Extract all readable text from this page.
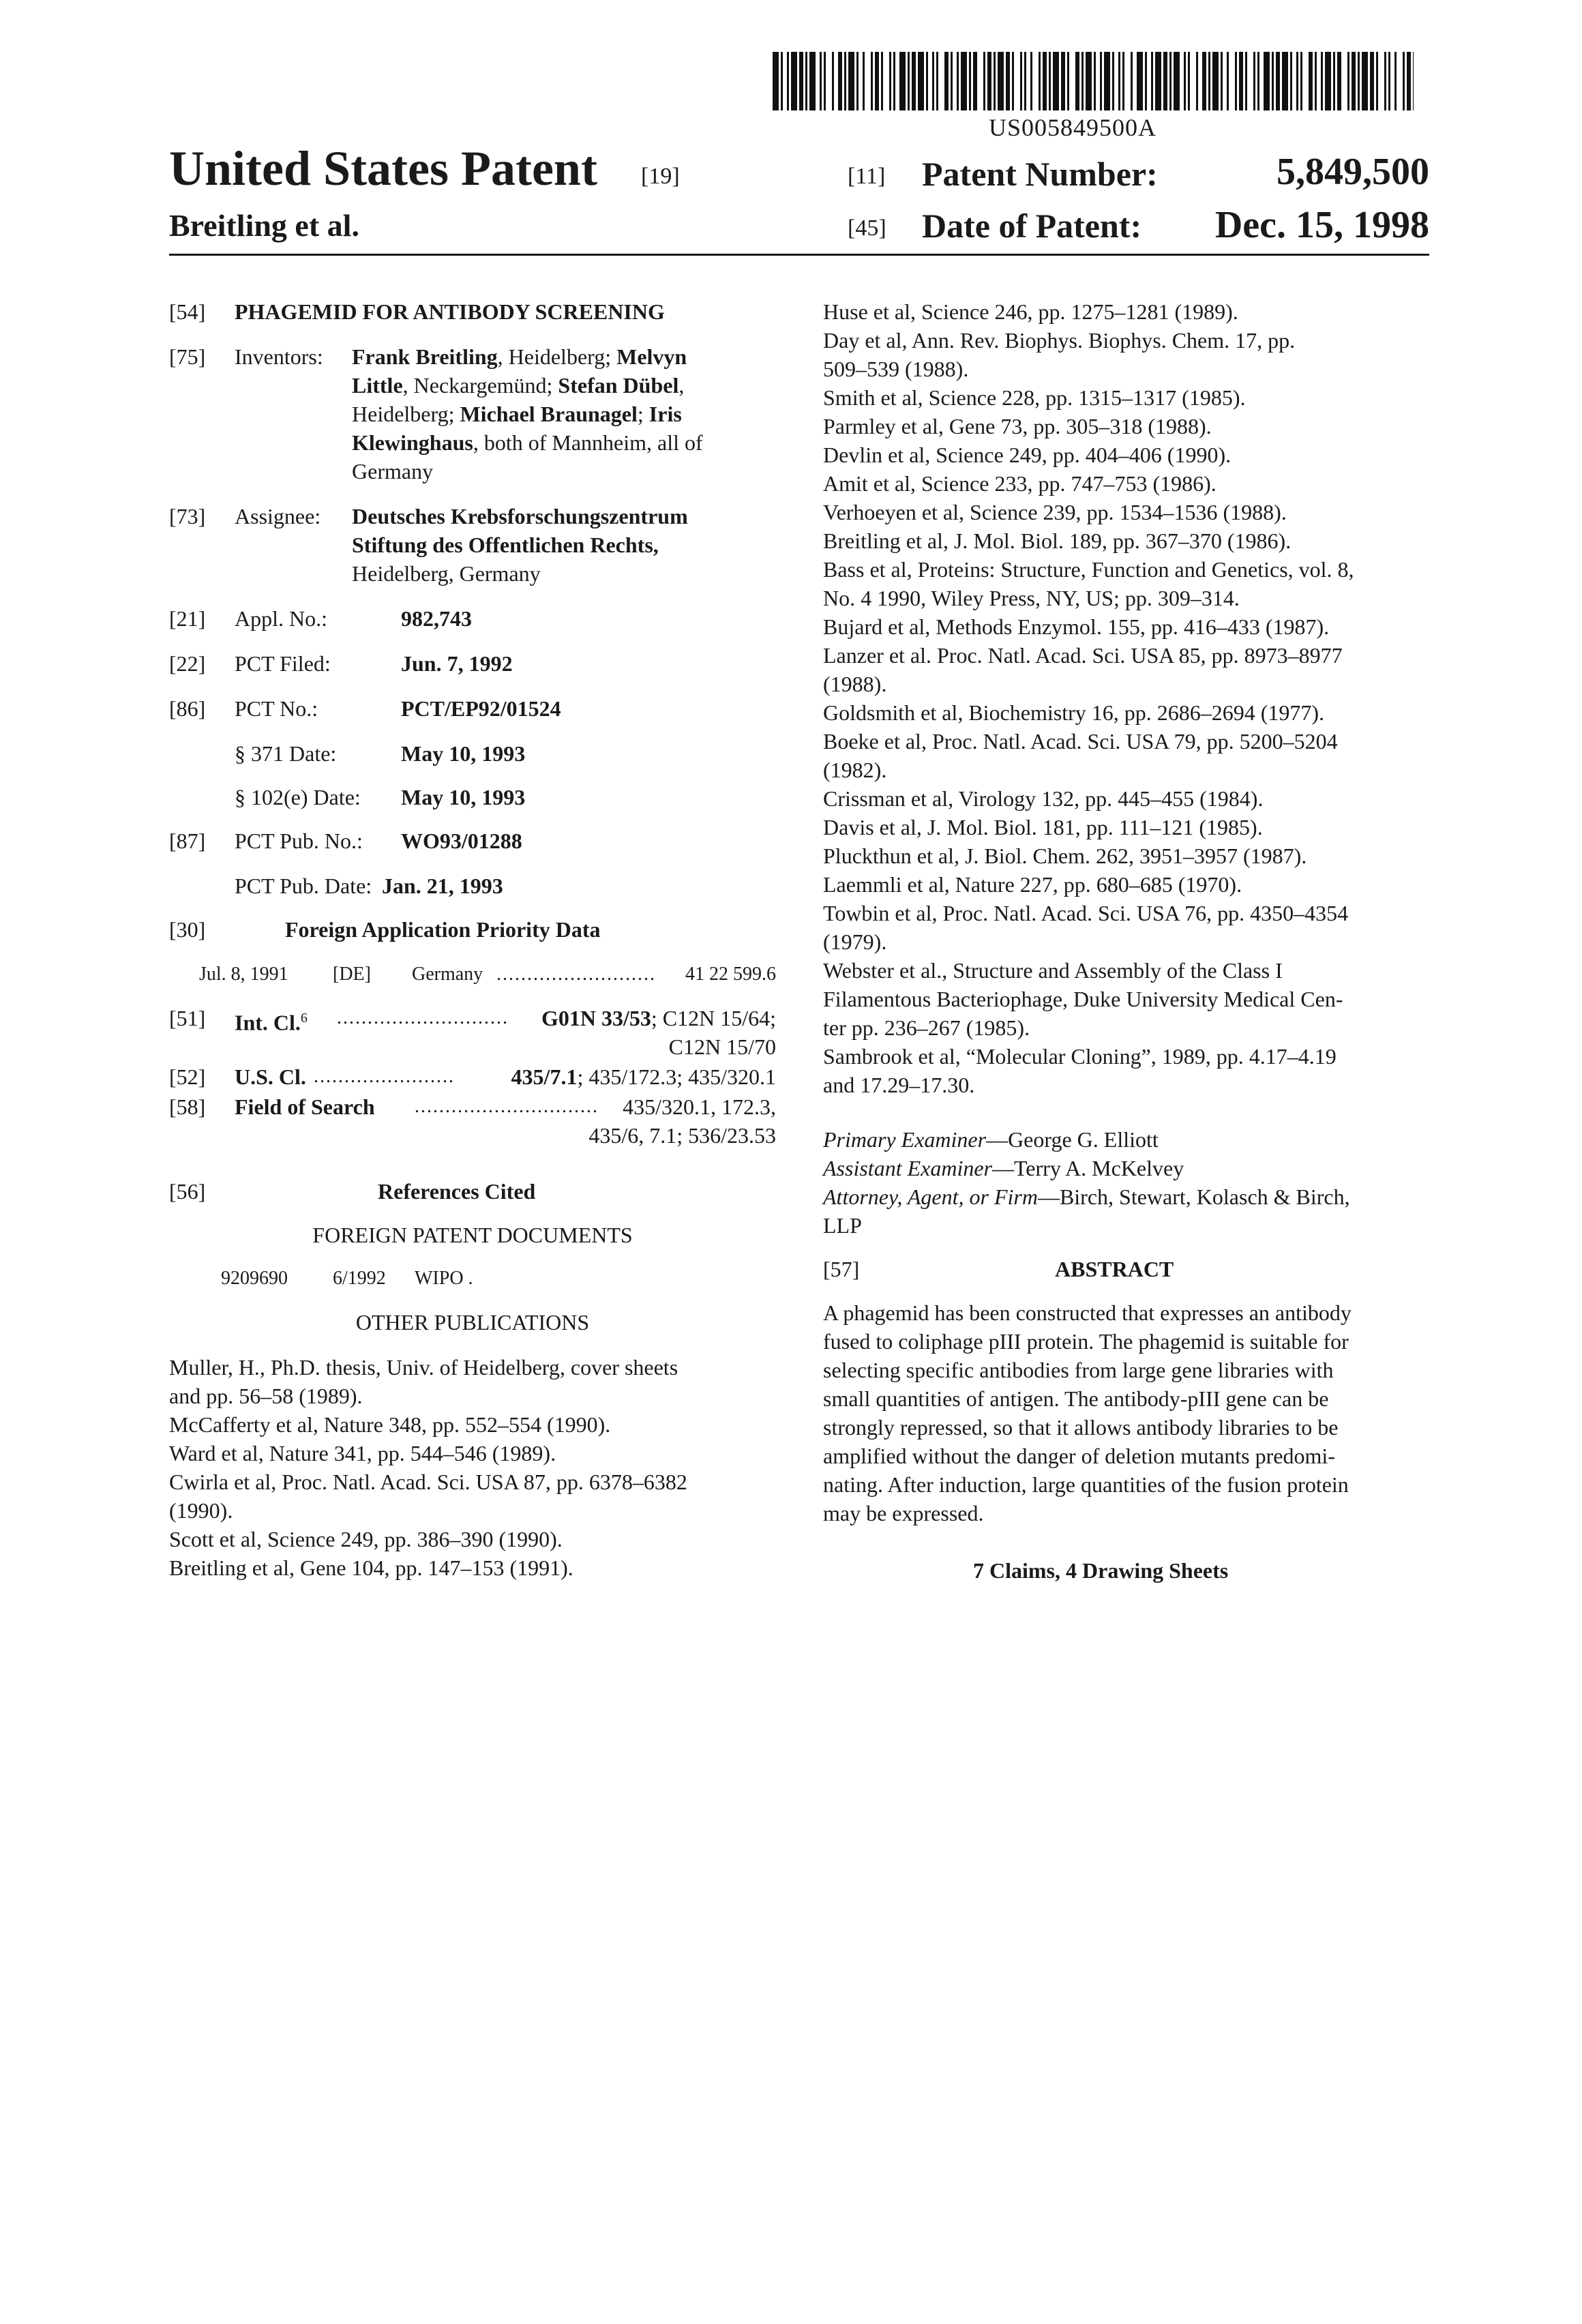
US005849500A
United States Patent [19]
Breitling et al.
[11] Patent Number:	5,849,500
[45] Date of Patent: Dec. 15, 1998
[54] PHAGEMID FOR ANTIBODY SCREENING
[75] Inventors: Frank Breitling, Heidelberg; Melvyn
Little, Neckargemünd; Stefan Dübel,
Heidelberg; Michael Braunagel; Iris
Klewinghaus, both of Mannheim, all of
Germany
[73] Assignee: Deutsches Krebsforschungszentrum
Stiftung des Offentlichen Rechts,
Heidelberg, Germany
[21] Appl. No.:	982,743
[22] PCT Filed:	Jun. 7, 1992
[86] PCT No.:	PCT/EP92/01524
§ 371 Date:	May 10, 1993
§ 102(e) Date: May 10, 1993
[87] PCT Pub. No.: WO93/01288
PCT Pub. Date: Jan. 21, 1993
[30]	Foreign Application Priority Data
Jul. 8, 1991 [DE] Germany .......................... 41 22 599.6
[51] Int. Cl.$^6$ ............................ G01N 33/53; C12N 15/64;
C12N 15/70
[52] U.S. Cl. .......................	435/7.1; 435/172.3; 435/320.1
[58] Field of Search .............................. 435/320.1, 172.3,
435/6, 7.1; 536/23.53
[56]	References Cited
FOREIGN PATENT DOCUMENTS
9209690 6/1992 WIPO .
OTHER PUBLICATIONS

Muller, H., Ph.D. thesis, Univ. of Heidelberg, cover sheets

and pp. 56–58 (1989).

McCafferty et al, Nature 348, pp. 552–554 (1990).

Ward et al, Nature 341, pp. 544–546 (1989).

Cwirla et al, Proc. Natl. Acad. Sci. USA 87, pp. 6378–6382

(1990).

Scott et al, Science 249, pp. 386–390 (1990).

Breitling et al, Gene 104, pp. 147–153 (1991).

Huse et al, Science 246, pp. 1275–1281 (1989).

Day et al, Ann. Rev. Biophys. Biophys. Chem. 17, pp.

509–539 (1988).

Smith et al, Science 228, pp. 1315–1317 (1985).

Parmley et al, Gene 73, pp. 305–318 (1988).

Devlin et al, Science 249, pp. 404–406 (1990).

Amit et al, Science 233, pp. 747–753 (1986).

Verhoeyen et al, Science 239, pp. 1534–1536 (1988).

Breitling et al, J. Mol. Biol. 189, pp. 367–370 (1986).

Bass et al, Proteins: Structure, Function and Genetics, vol. 8,

No. 4 1990, Wiley Press, NY, US; pp. 309–314.

Bujard et al, Methods Enzymol. 155, pp. 416–433 (1987).

Lanzer et al. Proc. Natl. Acad. Sci. USA 85, pp. 8973–8977

(1988).

Goldsmith et al, Biochemistry 16, pp. 2686–2694 (1977).

Boeke et al, Proc. Natl. Acad. Sci. USA 79, pp. 5200–5204

(1982).

Crissman et al, Virology 132, pp. 445–455 (1984).

Davis et al, J. Mol. Biol. 181, pp. 111–121 (1985).

Pluckthun et al, J. Biol. Chem. 262, 3951–3957 (1987).

Laemmli et al, Nature 227, pp. 680–685 (1970).

Towbin et al, Proc. Natl. Acad. Sci. USA 76, pp. 4350–4354

(1979).

Webster et al., Structure and Assembly of the Class I

Filamentous Bacteriophage, Duke University Medical Cen-

ter pp. 236–267 (1985).

Sambrook et al, “Molecular Cloning”, 1989, pp. 4.17–4.19

and 17.29–17.30.

Primary Examiner—George G. Elliott
Assistant Examiner—Terry A. McKelvey
Attorney, Agent, or Firm—Birch, Stewart, Kolasch & Birch,
LLP
[57]	ABSTRACT
A phagemid has been constructed that expresses an antibody
fused to coliphage pIII protein. The phagemid is suitable for
selecting specific antibodies from large gene libraries with
small quantities of antigen. The antibody-pIII gene can be
strongly repressed, so that it allows antibody libraries to be
amplified without the danger of deletion mutants predomi-
nating. After induction, large quantities of the fusion protein
may be expressed.
7 Claims, 4 Drawing Sheets
